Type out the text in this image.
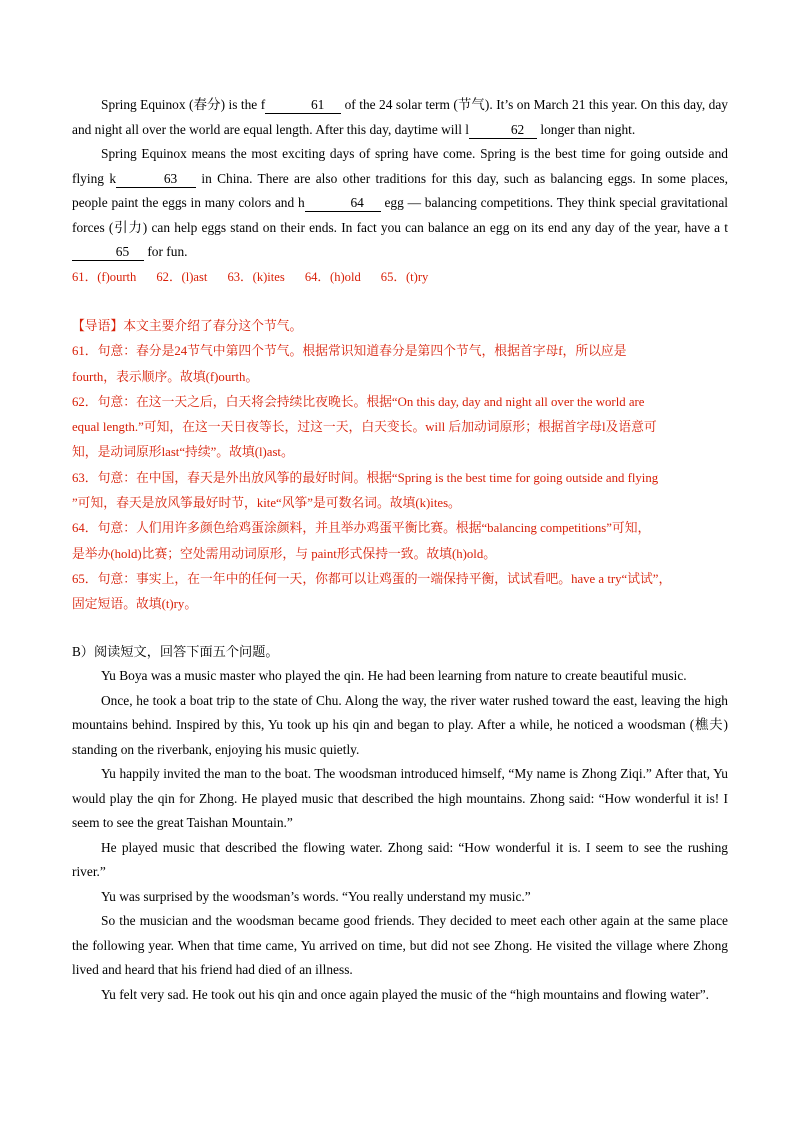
Spring Equinox (春分) is the f	61 of the 24 solar term (节气). It’s on March 21 this year. On this day, day and night all over the world are equal length. After this day, daytime will l	62 longer than night.

Spring Equinox means the most exciting days of spring have come. Spring is the best time for going outside and flying k	63 in China. There are also other traditions for this day, such as balancing eggs. In some places, people paint the eggs in many colors and h	64 egg — balancing competitions. They think special gravitational forces (引力) can help eggs stand on their ends. In fact you can balance an egg on its end any day of the year, have a t65 for fun.

61．(f)ourth 62．(l)ast 63．(k)ites 64．(h)old 65．(t)ry

【导语】本文主要介绍了春分这个节气。
61．句意：春分是24节气中第四个节气。根据常识知道春分是第四个节气，根据首字母f，所以应是
fourth，表示顺序。故填(f)ourth。
62．句意：在这一天之后，白天将会持续比夜晚长。根据“On this day, day and night all over the world are
equal length.”可知，在这一天日夜等长，过这一天，白天变长。will 后加动词原形；根据首字母l及语意可
知，是动词原形last“持续”。故填(l)ast。
63．句意：在中国，春天是外出放风筝的最好时间。根据“Spring is the best time for going outside and flying
”可知，春天是放风筝最好时节，kite“风筝”是可数名词。故填(k)ites。
64．句意：人们用许多颜色给鸡蛋涂颜料，并且举办鸡蛋平衡比赛。根据“balancing competitions”可知，
是举办(hold)比赛；空处需用动词原形，与 paint形式保持一致。故填(h)old。
65．句意：事实上，在一年中的任何一天，你都可以让鸡蛋的一端保持平衡，试试看吧。have a try“试试”，
固定短语。故填(t)ry。

B）阅读短文，回答下面五个问题。

Yu Boya was a music master who played the qin. He had been learning from nature to create beautiful music.

Once, he took a boat trip to the state of Chu. Along the way, the river water rushed toward the east, leaving the high mountains behind. Inspired by this, Yu took up his qin and began to play. After a while, he noticed a woodsman (樵夫) standing on the riverbank, enjoying his music quietly.

Yu happily invited the man to the boat. The woodsman introduced himself, “My name is Zhong Ziqi.” After that, Yu would play the qin for Zhong. He played music that described the high mountains. Zhong said: “How wonderful it is! I seem to see the great Taishan Mountain.”

He played music that described the flowing water. Zhong said: “How wonderful it is. I seem to see the rushing river.”

Yu was surprised by the woodsman’s words. “You really understand my music.”

So the musician and the woodsman became good friends. They decided to meet each other again at the same place the following year. When that time came, Yu arrived on time, but did not see Zhong. He visited the village where Zhong lived and heard that his friend had died of an illness.

Yu felt very sad. He took out his qin and once again played the music of the “high mountains and flowing water”.
